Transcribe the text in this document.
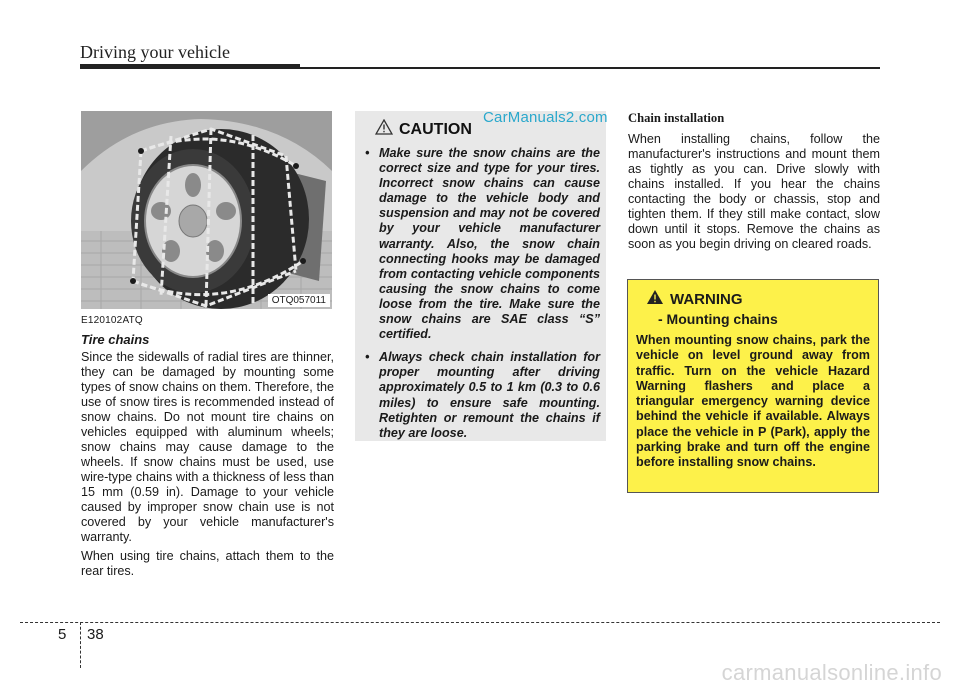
Driving your vehicle
OTQ057011

E120102ATQ

Tire chains

Since the sidewalls of radial tires are thinner, they can be damaged by mounting some types of snow chains on them. Therefore, the use of snow tires is recommended instead of snow chains. Do not mount tire chains on vehicles equipped with aluminum wheels; snow chains may cause damage to the wheels. If snow chains must be used, use wire-type chains with a thickness of less than 15 mm (0.59 in). Damage to your vehicle caused by improper snow chain use is not covered by your vehicle manufacturer's warranty.

When using tire chains, attach them to the rear tires.

CAUTION
CarManuals2.com
• Make sure the snow chains are the correct size and type for your tires. Incorrect snow chains can cause damage to the vehicle body and suspension and may not be covered by your vehicle manufacturer warranty. Also, the snow chain connecting hooks may be damaged from contacting vehicle components causing the snow chains to come loose from the tire. Make sure the snow chains are SAE class “S” certified.
• Always check chain installation for proper mounting after driving approximately 0.5 to 1 km (0.3 to 0.6 miles) to ensure safe mounting. Retighten or remount the chains if they are loose.

Chain installation

When installing chains, follow the manufacturer's instructions and mount them as tightly as you can. Drive slowly with chains installed. If you hear the chains contacting the body or chassis, stop and tighten them. If they still make contact, slow down until it stops. Remove the chains as soon as you begin driving on cleared roads.

WARNING
- Mounting chains

When mounting snow chains, park the vehicle on level ground away from traffic. Turn on the vehicle Hazard Warning flashers and place a triangular emergency warning device behind the vehicle if available. Always place the vehicle in P (Park), apply the parking brake and turn off the engine before installing snow chains.

5 38
carmanualsonline.info
